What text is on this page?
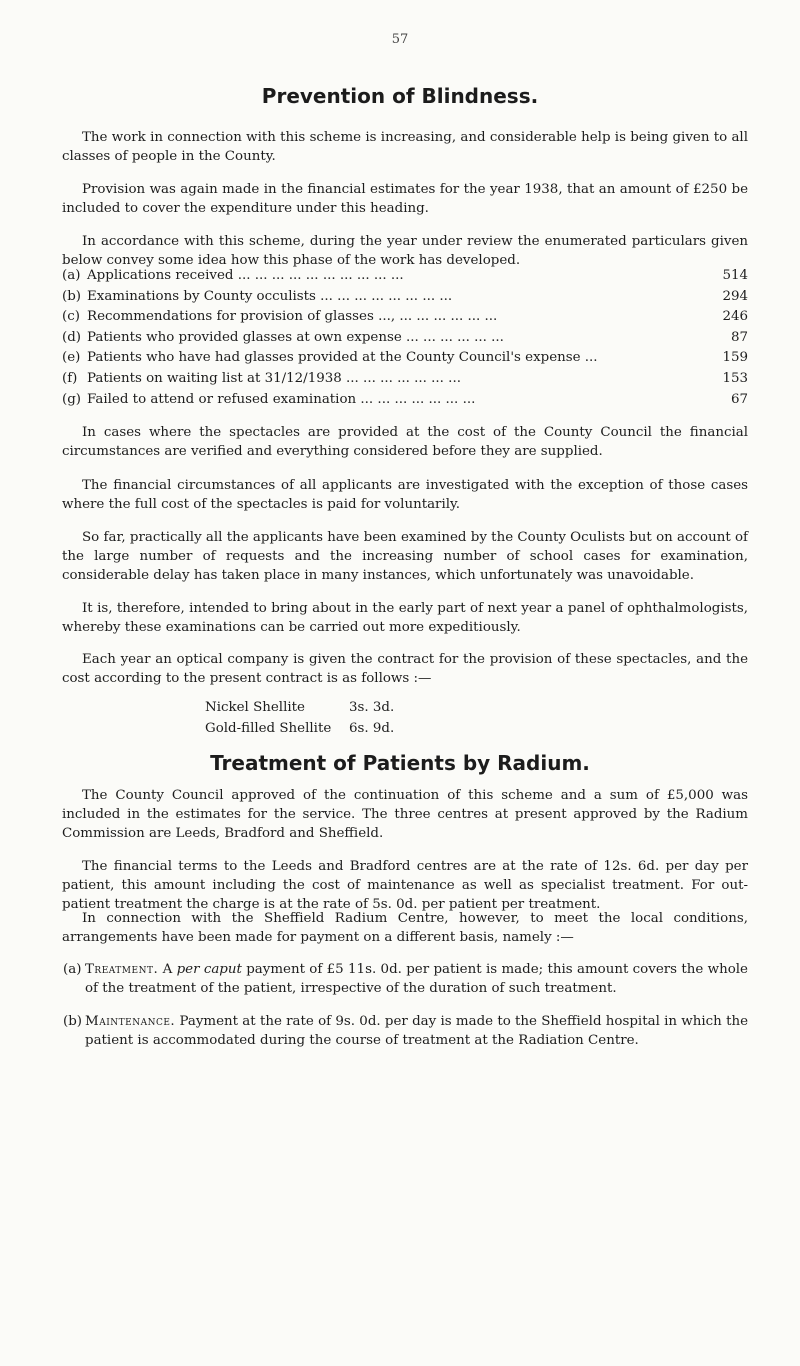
57
Prevention of Blindness.
The work in connection with this scheme is increasing, and considerable help is being given to all classes of people in the County.
Provision was again made in the financial estimates for the year 1938, that an amount of £250 be included to cover the expenditure under this heading.
In accordance with this scheme, during the year under review the enumerated particulars given below convey some idea how this phase of the work has developed.
(a) Applications received ... ... ... ... ... ... ... ... ... ...	514
(b) Examinations by County occulists ... ... ... ... ... ... ... ...	294
(c) Recommendations for provision of glasses ..., ... ... ... ... ... ...	246
(d) Patients who provided glasses at own expense ... ... ... ... ... ...	87
(e) Patients who have had glasses provided at the County Council's expense ...	159
(f) Patients on waiting list at 31/12/1938 ... ... ... ... ... ... ...	153
(g) Failed to attend or refused examination ... ... ... ... ... ... ...	67
In cases where the spectacles are provided at the cost of the County Council the financial circumstances are verified and everything considered before they are supplied.
The financial circumstances of all applicants are investigated with the exception of those cases where the full cost of the spectacles is paid for voluntarily.
So far, practically all the applicants have been examined by the County Oculists but on account of the large number of requests and the increasing number of school cases for examination, considerable delay has taken place in many instances, which unfortunately was unavoidable.
It is, therefore, intended to bring about in the early part of next year a panel of ophthalmologists, whereby these examinations can be carried out more expeditiously.
Each year an optical company is given the contract for the provision of these spectacles, and the cost according to the present contract is as follows :—
Nickel Shellite	3s. 3d.
Gold-filled Shellite 6s. 9d.
Treatment of Patients by Radium.
The County Council approved of the continuation of this scheme and a sum of £5,000 was included in the estimates for the service. The three centres at present approved by the Radium Commission are Leeds, Bradford and Sheffield.
The financial terms to the Leeds and Bradford centres are at the rate of 12s. 6d. per day per patient, this amount including the cost of maintenance as well as specialist treatment. For out-patient treatment the charge is at the rate of 5s. 0d. per patient per treatment.
In connection with the Sheffield Radium Centre, however, to meet the local conditions, arrangements have been made for payment on a different basis, namely :—
(a) Treatment. A per caput payment of £5 11s. 0d. per patient is made; this amount covers the whole of the treatment of the patient, irrespective of the duration of such treatment.
(b) Maintenance. Payment at the rate of 9s. 0d. per day is made to the Sheffield hospital in which the patient is accommodated during the course of treatment at the Radiation Centre.
